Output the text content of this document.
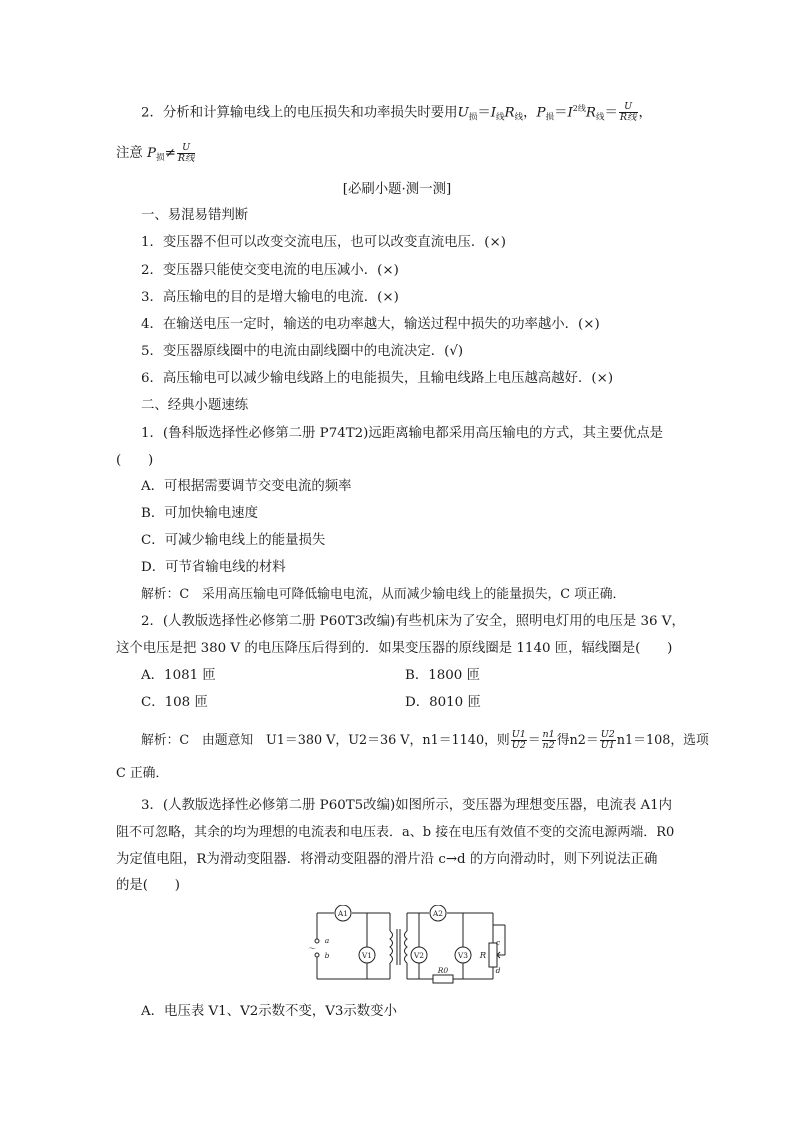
2．分析和计算输电线上的电压损失和功率损失时要用$U_损=I_线R_线$，$P_损=I^{2线}R_线= \frac{U}{\text{R线}}$ ，
注意 $P_损\ne \frac{U}{\text{R线}}$
[必刷小题·测一测]
一、易混易错判断
1．变压器不但可以改变交流电压，也可以改变直流电压．(×)
2．变压器只能使交变电流的电压减小．(×)
3．高压输电的目的是增大输电的电流．(×)
4．在输送电压一定时，输送的电功率越大，输送过程中损失的功率越小．(×)
5．变压器原线圈中的电流由副线圈中的电流决定．(√)
6．高压输电可以减少输电线路上的电能损失，且输电线路上电压越高越好．(×)
二、经典小题速练
1．(鲁科版选择性必修第二册 P74T2)远距离输电都采用高压输电的方式，其主要优点是
(　　)
A．可根据需要调节交变电流的频率
B．可加快输电速度
C．可减少输电线上的能量损失
D．可节省输电线的材料
解析：C　采用高压输电可降低输电电流，从而减少输电线上的能量损失，C 项正确．
2．(人教版选择性必修第二册 P60T3改编)有些机床为了安全，照明电灯用的电压是 36 V，
这个电压是把 380 V 的电压降压后得到的．如果变压器的原线圈是 1140 匝，辐线圈是(　　)
A．1081 匝	B．1800 匝
C．108 匝	D．8010 匝
解析：C　由题意知　 U1＝380 V，U2＝36 V，n1＝1140，则 $\frac{U1}{U2} = \frac{n1}{n2}$ 得$n2= \frac{U2}{U1} n1=108$，选项
C 正确．
3．(人教版选择性必修第二册 P60T5改编)如图所示，变压器为理想变压器，电流表 A1内
阻不可忽略，其余的均为理想的电流表和电压表．a、b 接在电压有效值不变的交流电源两端．R0
为定值电阻，R为滑动变阻器．将滑动变阻器的滑片沿 c→d 的方向滑动时，则下列说法正确
的是(　　)
A1	A2
V1	V2	V3
R0
R
a
b
～
c
d
A．电压表 V1、V2示数不变，V3示数变小
